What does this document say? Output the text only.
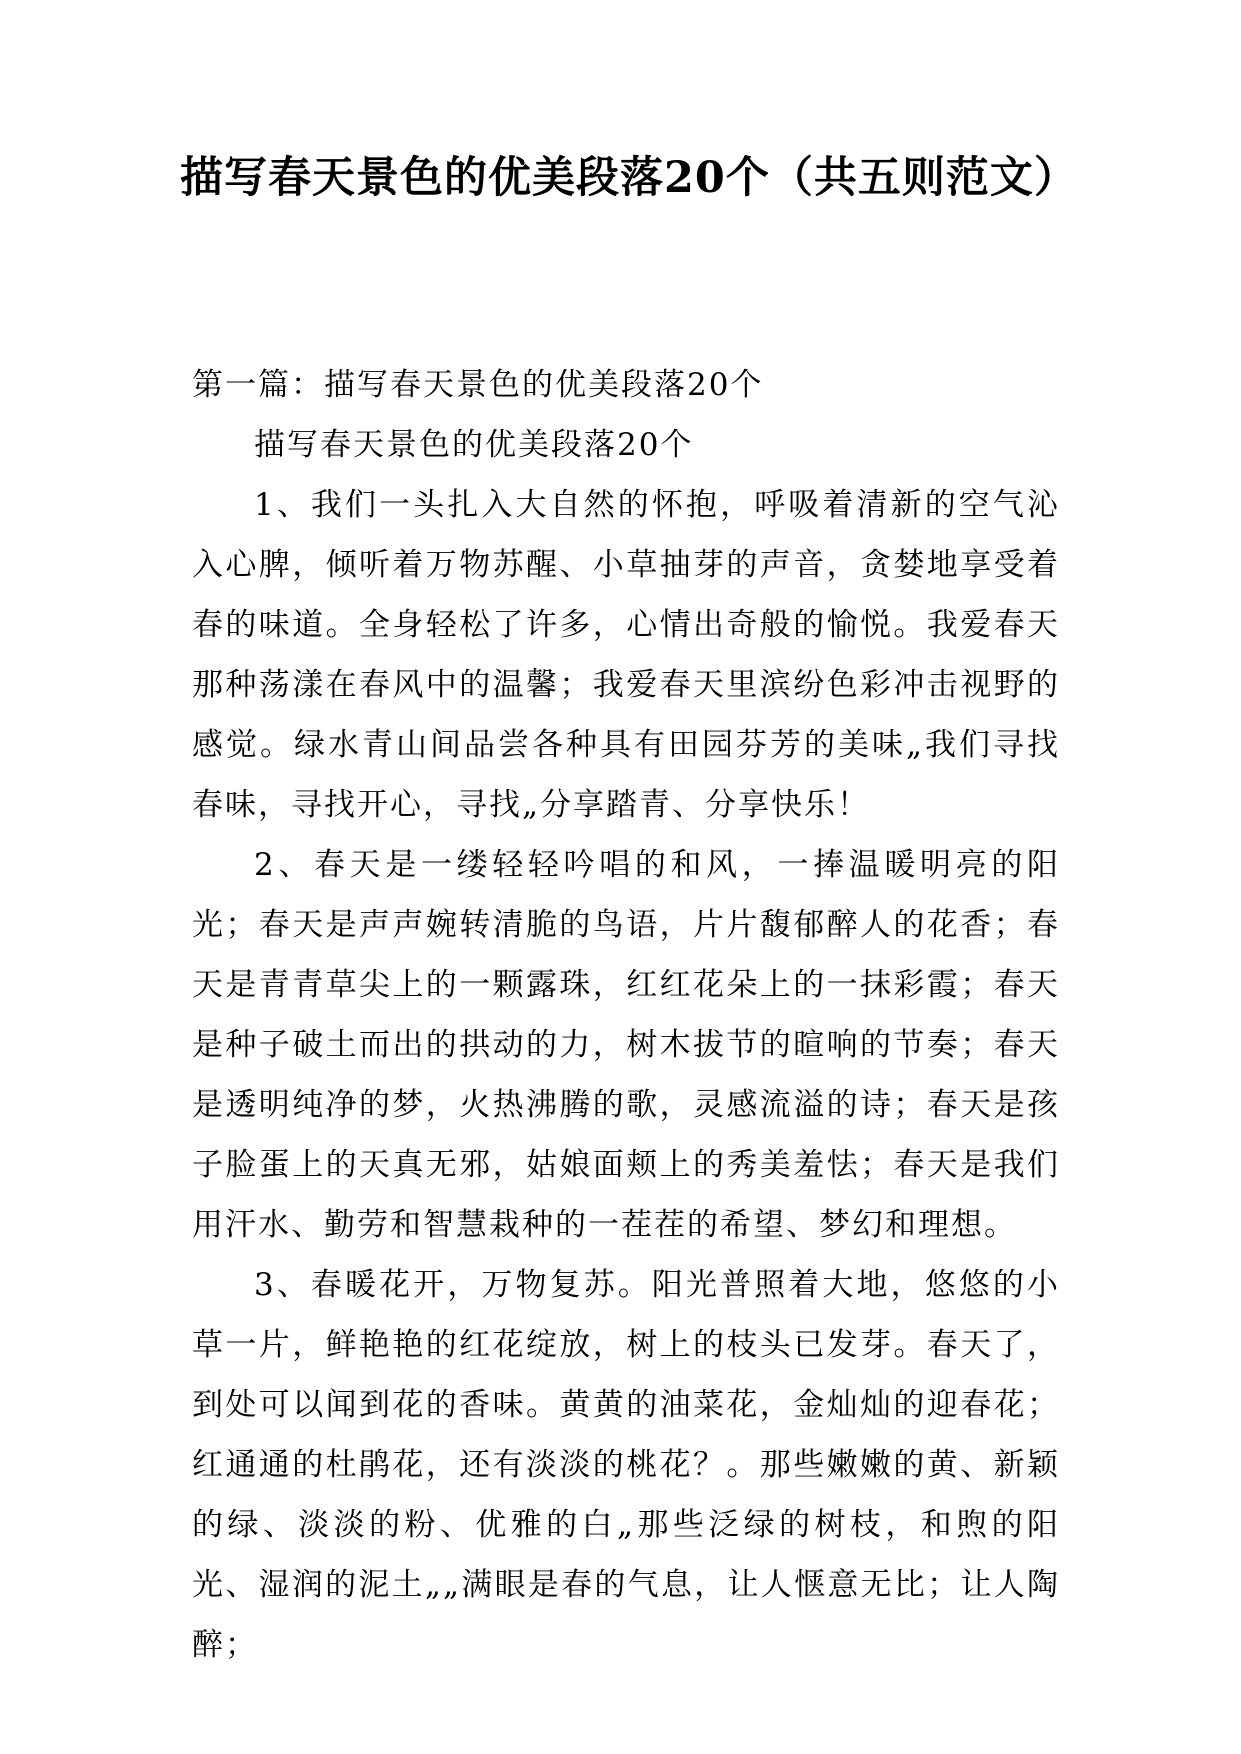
描写春天景色的优美段落20个（共五则范文）

第一篇：描写春天景色的优美段落20个

描写春天景色的优美段落20个

1、我们一头扎入大自然的怀抱，呼吸着清新的空气沁入心脾，倾听着万物苏醒、小草抽芽的声音，贪婪地享受着春的味道。全身轻松了许多，心情出奇般的愉悦。我爱春天那种荡漾在春风中的温馨；我爱春天里滨纷色彩冲击视野的感觉。绿水青山间品尝各种具有田园芬芳的美味„我们寻找春味，寻找开心，寻找„分享踏青、分享快乐！

2、春天是一缕轻轻吟唱的和风，一捧温暖明亮的阳光；春天是声声婉转清脆的鸟语，片片馥郁醉人的花香；春天是青青草尖上的一颗露珠，红红花朵上的一抹彩霞；春天是种子破土而出的拱动的力，树木拔节的暄响的节奏；春天是透明纯净的梦，火热沸腾的歌，灵感流溢的诗；春天是孩子脸蛋上的天真无邪，姑娘面颊上的秀美羞怯；春天是我们用汗水、勤劳和智慧栽种的一茬茬的希望、梦幻和理想。

3、春暖花开，万物复苏。阳光普照着大地，悠悠的小草一片，鲜艳艳的红花绽放，树上的枝头已发芽。春天了，到处可以闻到花的香味。黄黄的油菜花，金灿灿的迎春花；红通通的杜鹃花，还有淡淡的桃花？。那些嫩嫩的黄、新颖的绿、淡淡的粉、优雅的白„那些泛绿的树枝，和煦的阳光、湿润的泥土„„满眼是春的气息，让人惬意无比；让人陶醉；
